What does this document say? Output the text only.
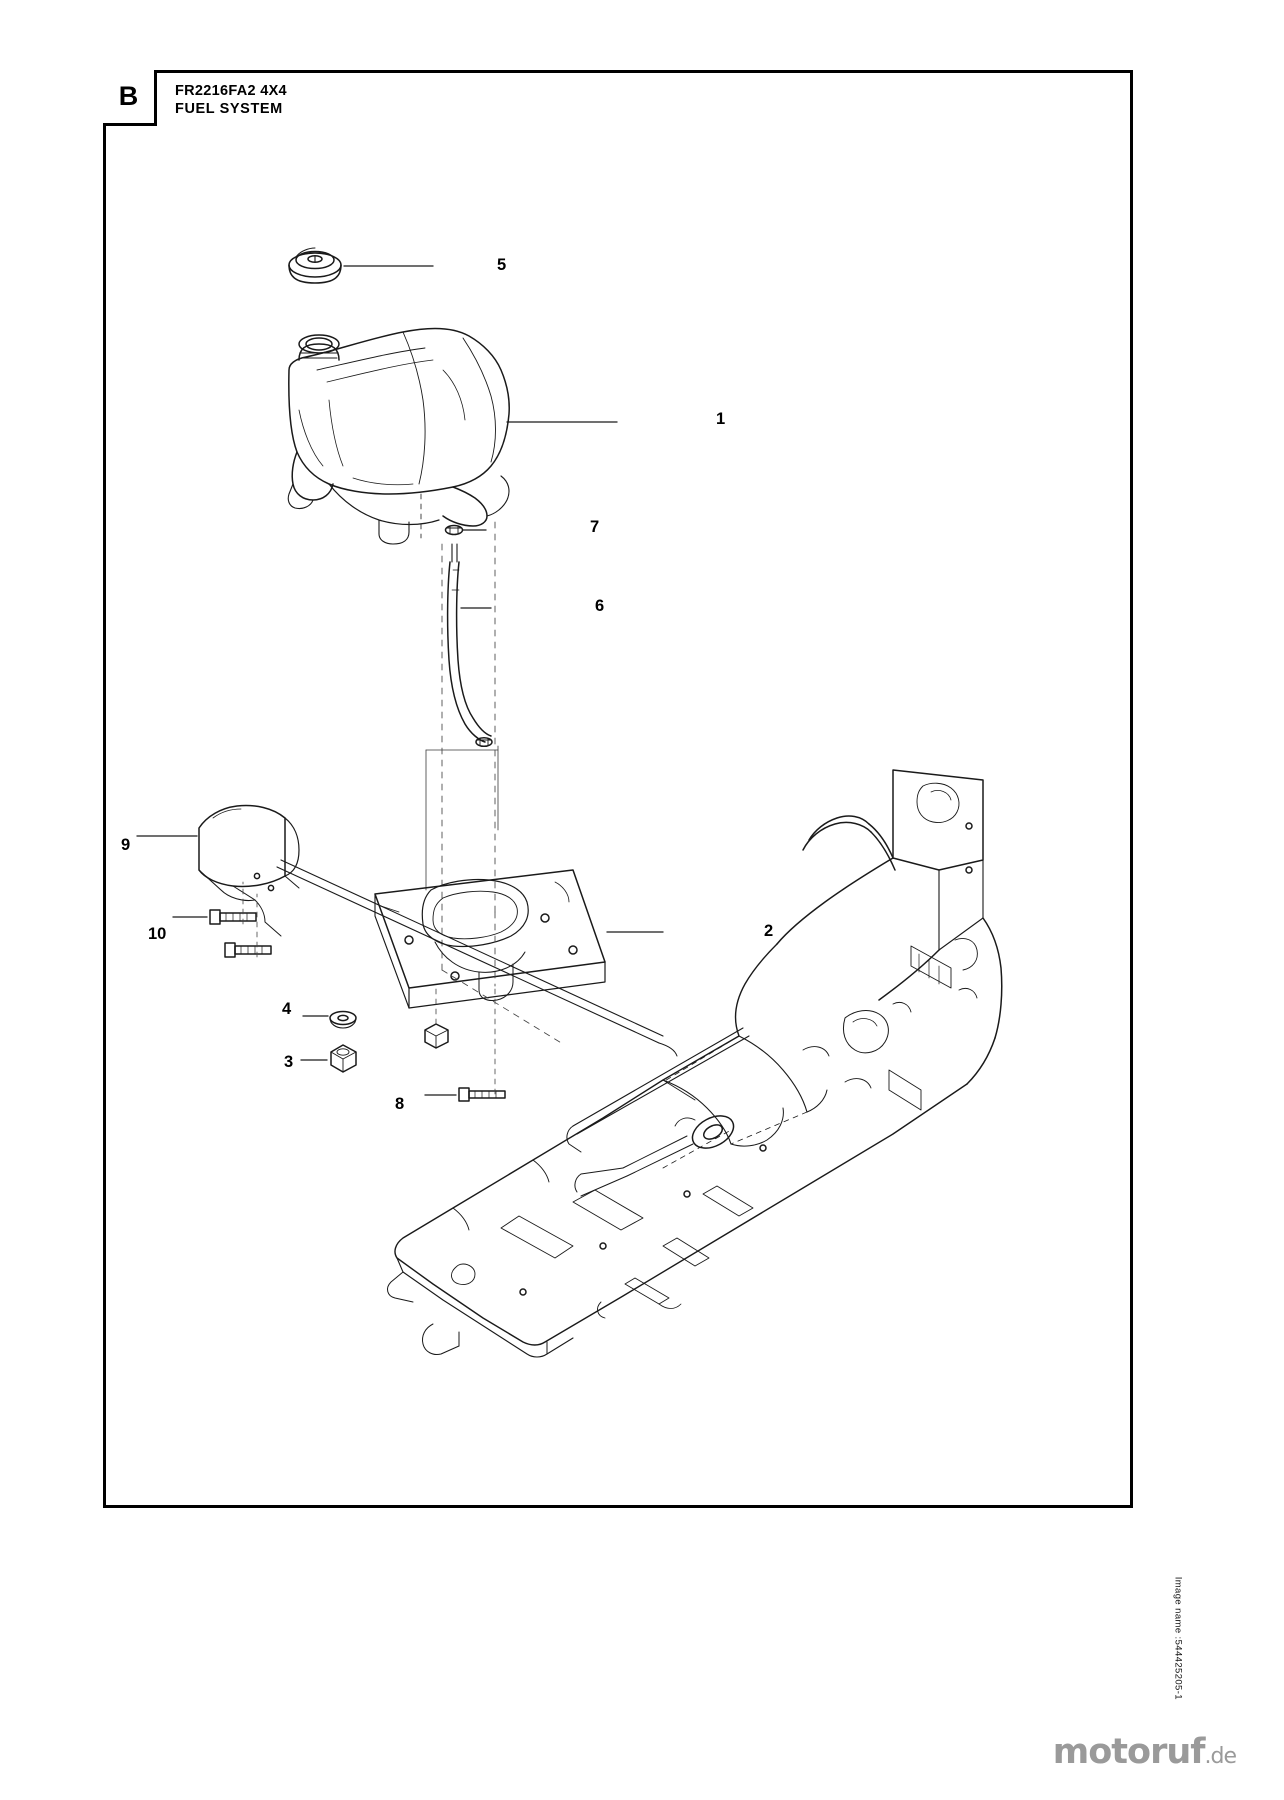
B	FR2216FA2 4X4
FUEL SYSTEM
5
1
7
6
9
2
10
4
3
8
Image name :544425205-1
motoruf.de
